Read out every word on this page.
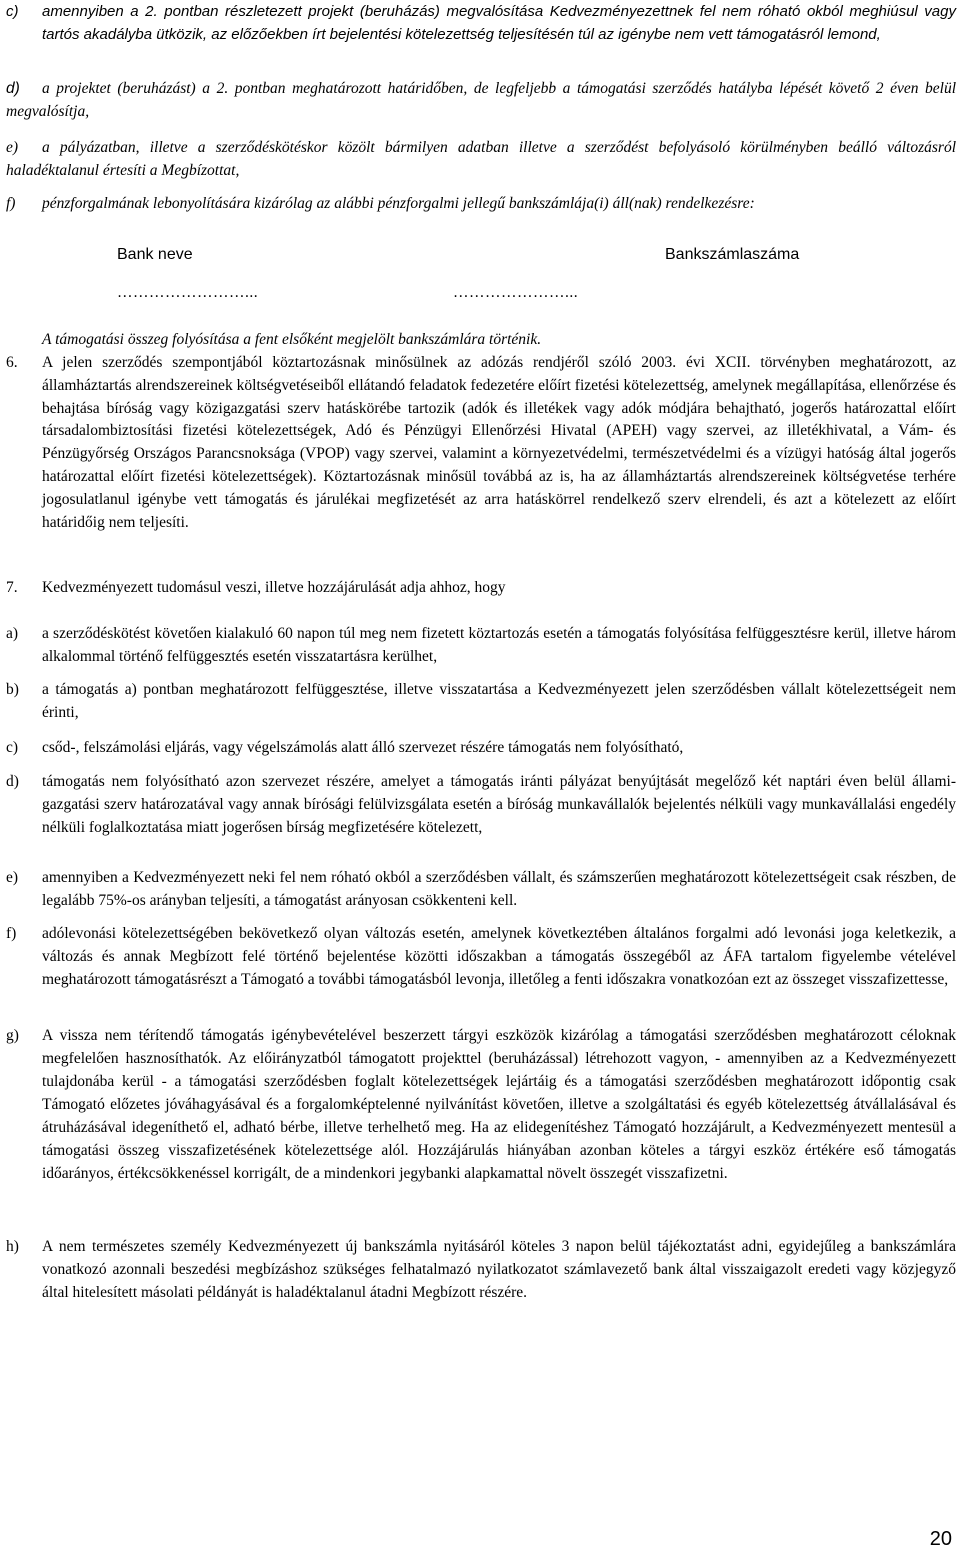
c) amennyiben a 2. pontban részletezett projekt (beruházás) megvalósítása Kedvezményezettnek fel nem róható okból meghiúsul vagy tartós akadályba ütközik, az előzőekben írt bejelentési kötelezettség teljesítésén túl az igénybe nem vett támogatásról lemond,
d)	a projektet (beruházást) a 2. pontban meghatározott határidőben, de legfeljebb a támogatási szerződés hatályba lépését követő 2 éven belül megvalósítja,
e)	a pályázatban, illetve a szerződéskötéskor közölt bármilyen adatban illetve a szerződést befolyásoló körülményben beálló változásról haladéktalanul értesíti a Megbízottat,
f) pénzforgalmának lebonyolítására kizárólag az alábbi pénzforgalmi jellegű bankszámlája(i) áll(nak) rendelkezésre:
Bank neve	Bankszámlaszáma
……………………...	…………………...
A támogatási összeg folyósítása a fent elsőként megjelölt bankszámlára történik.
6. A jelen szerződés szempontjából köztartozásnak minősülnek az adózás rendjéről szóló 2003. évi XCII. törvényben meghatározott, az államháztartás alrendszereinek költségvetéseiből ellátandó feladatok fedezetére előírt fizetési kötelezettség, amelynek megállapítása, ellenőrzése és behajtása bíróság vagy közigazgatási szerv hatáskörébe tartozik (adók és illetékek vagy adók módjára behajtható, jogerős határozattal előírt társadalombiztosítási fizetési kötelezettségek, Adó és Pénzügyi Ellenőrzési Hivatal (APEH) vagy szervei, az illetékhivatal, a Vám- és Pénzügyőrség Országos Parancsnoksága (VPOP) vagy szervei, valamint a környezetvédelmi, természetvédelmi és a vízügyi hatóság által jogerős határozattal előírt fizetési kötelezettségek). Köztartozásnak minősül továbbá az is, ha az államháztartás alrendszereinek költségvetése terhére jogosulatlanul igénybe vett támogatás és járulékai megfizetését az arra hatáskörrel rendelkező szerv elrendeli, és azt a kötelezett az előírt határidőig nem teljesíti.
7. Kedvezményezett tudomásul veszi, illetve hozzájárulását adja ahhoz, hogy
a) a szerződéskötést követően kialakuló 60 napon túl meg nem fizetett köztartozás esetén a támogatás folyósítása felfüggesztésre kerül, illetve három alkalommal történő felfüggesztés esetén visszatartásra kerülhet,
b) a támogatás a) pontban meghatározott felfüggesztése, illetve visszatartása a Kedvezményezett jelen szerződésben vállalt kötelezettségeit nem érinti,
c) csőd-, felszámolási eljárás, vagy végelszámolás alatt álló szervezet részére támogatás nem folyósítható,
d) támogatás nem folyósítható azon szervezet részére, amelyet a támogatás iránti pályázat benyújtását megelőző két naptári éven belül államigazgatási szerv határozatával vagy annak bírósági felülvizsgálata esetén a bíróság munkavállalók bejelentés nélküli vagy munkavállalási engedély nélküli foglalkoztatása miatt jogerősen bírság megfizetésére kötelezett,
e) amennyiben a Kedvezményezett neki fel nem róható okból a szerződésben vállalt, és számszerűen meghatározott kötelezettségeit csak részben, de legalább 75%-os arányban teljesíti, a támogatást arányosan csökkenteni kell.
f) adólevonási kötelezettségében bekövetkező olyan változás esetén, amelynek következtében általános forgalmi adó levonási joga keletkezik, a változás és annak Megbízott felé történő bejelentése közötti időszakban a támogatás összegéből az ÁFA tartalom figyelembe vételével meghatározott támogatásrészt a Támogató a további támogatásból levonja, illetőleg a fenti időszakra vonatkozóan ezt az összeget visszafizettesse,
g) A vissza nem térítendő támogatás igénybevételével beszerzett tárgyi eszközök kizárólag a támogatási szerződésben meghatározott céloknak megfelelően hasznosíthatók. Az előirányzatból támogatott projekttel (beruházással) létrehozott vagyon, - amennyiben az a Kedvezményezett tulajdonába kerül - a támogatási szerződésben foglalt kötelezettségek lejártáig és a támogatási szerződésben meghatározott időpontig csak Támogató előzetes jóváhagyásával és a forgalomképtelenné nyilvánítást követően, illetve a szolgáltatási és egyéb kötelezettség átvállalásával és átruházásával idegeníthető el, adható bérbe, illetve terhelhető meg. Ha az elidegenítéshez Támogató hozzájárult, a Kedvezményezett mentesül a támogatási összeg visszafizetésének kötelezettsége alól. Hozzájárulás hiányában azonban köteles a tárgyi eszköz értékére eső támogatás időarányos, értékcsökkenéssel korrigált, de a mindenkori jegybanki alapkamattal növelt összegét visszafizetni.
h) A nem természetes személy Kedvezményezett új bankszámla nyitásáról köteles 3 napon belül tájékoztatást adni, egyidejűleg a bankszámlára vonatkozó azonnali beszedési megbízáshoz szükséges felhatalmazó nyilatkozatot számlavezető bank által visszaigazolt eredeti vagy közjegyző által hitelesített másolati példányát is haladéktalanul átadni Megbízott részére.
20
